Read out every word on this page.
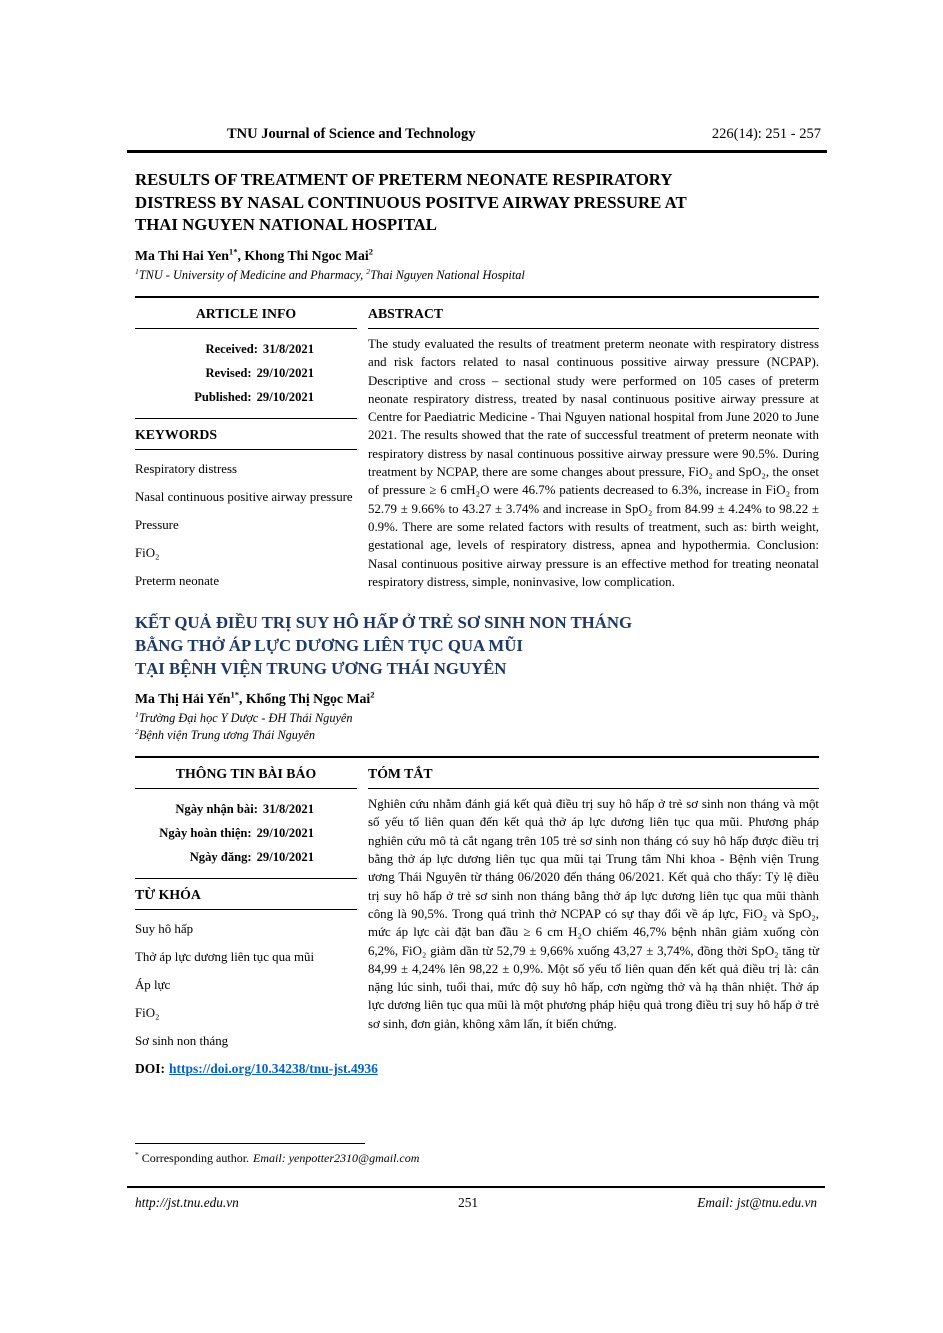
TNU Journal of Science and Technology	226(14): 251 - 257
RESULTS OF TREATMENT OF PRETERM NEONATE RESPIRATORY
DISTRESS BY NASAL CONTINUOUS POSITVE AIRWAY PRESSURE AT
THAI NGUYEN NATIONAL HOSPITAL

Ma Thi Hai Yen$^{1*}$, Khong Thi Ngoc Mai$^2$

$^1$TNU - University of Medicine and Pharmacy, $^2$Thai Nguyen National Hospital

ARTICLE INFO
Received: 31/8/2021
Revised: 29/10/2021
Published: 29/10/2021
KEYWORDS
Respiratory distress
Nasal continuous positive airway pressure
Pressure
FiO₂
Preterm neonate
ABSTRACT

The study evaluated the results of treatment preterm neonate with respiratory distress and risk factors related to nasal continuous possitive airway pressure (NCPAP). Descriptive and cross – sectional study were performed on 105 cases of preterm neonate respiratory distress, treated by nasal continuous positive airway pressure at Centre for Paediatric Medicine - Thai Nguyen national hospital from June 2020 to June 2021. The results showed that the rate of successful treatment of preterm neonate with respiratory distress by nasal continuous possitive airway pressure were 90.5%. During treatment by NCPAP, there are some changes about pressure, FiO₂ and SpO₂, the onset of pressure ≥ 6 cmH₂O were 46.7% patients decreased to 6.3%, increase in FiO₂ from 52.79 ± 9.66% to 43.27 ± 3.74% and increase in SpO₂ from 84.99 ± 4.24% to 98.22 ± 0.9%. There are some related factors with results of treatment, such as: birth weight, gestational age, levels of respiratory distress, apnea and hypothermia. Conclusion: Nasal continuous positive airway pressure is an effective method for treating neonatal respiratory distress, simple, noninvasive, low complication.

KẾT QUẢ ĐIỀU TRỊ SUY HÔ HẤP Ở TRẺ SƠ SINH NON THÁNG
BẰNG THỞ ÁP LỰC DƯƠNG LIÊN TỤC QUA MŨI
TẠI BỆNH VIỆN TRUNG ƯƠNG THÁI NGUYÊN

Ma Thị Hải Yến$^{1*}$, Khổng Thị Ngọc Mai$^2$

$^1$Trường Đại học Y Dược - ĐH Thái Nguyên
$^2$Bệnh viện Trung ương Thái Nguyên

THÔNG TIN BÀI BÁO
Ngày nhận bài: 31/8/2021
Ngày hoàn thiện: 29/10/2021
Ngày đăng: 29/10/2021
TỪ KHÓA
Suy hô hấp
Thở áp lực dương liên tục qua mũi
Áp lực
FiO₂
Sơ sinh non tháng
TÓM TẮT

Nghiên cứu nhằm đánh giá kết quả điều trị suy hô hấp ở trẻ sơ sinh non tháng và một số yếu tố liên quan đến kết quả thở áp lực dương liên tục qua mũi. Phương pháp nghiên cứu mô tả cắt ngang trên 105 trẻ sơ sinh non tháng có suy hô hấp được điều trị bằng thở áp lực dương liên tục qua mũi tại Trung tâm Nhi khoa - Bệnh viện Trung ương Thái Nguyên từ tháng 06/2020 đến tháng 06/2021. Kết quả cho thấy: Tỷ lệ điều trị suy hô hấp ở trẻ sơ sinh non tháng bằng thở áp lực dương liên tục qua mũi thành công là 90,5%. Trong quá trình thở NCPAP có sự thay đổi về áp lực, FiO₂ và SpO₂, mức áp lực cài đặt ban đầu ≥ 6 cm H₂O chiếm 46,7% bệnh nhân giảm xuống còn 6,2%, FiO₂ giảm dần từ 52,79 ± 9,66% xuống 43,27 ± 3,74%, đồng thời SpO₂ tăng từ 84,99 ± 4,24% lên 98,22 ± 0,9%. Một số yếu tố liên quan đến kết quả điều trị là: cân nặng lúc sinh, tuổi thai, mức độ suy hô hấp, cơn ngừng thở và hạ thân nhiệt. Thở áp lực dương liên tục qua mũi là một phương pháp hiệu quả trong điều trị suy hô hấp ở trẻ sơ sinh, đơn giản, không xâm lấn, ít biến chứng.

DOI: https://doi.org/10.34238/tnu-jst.4936

* Corresponding author. Email: yenpotter2310@gmail.com

http://jst.tnu.edu.vn	251	Email: jst@tnu.edu.vn
